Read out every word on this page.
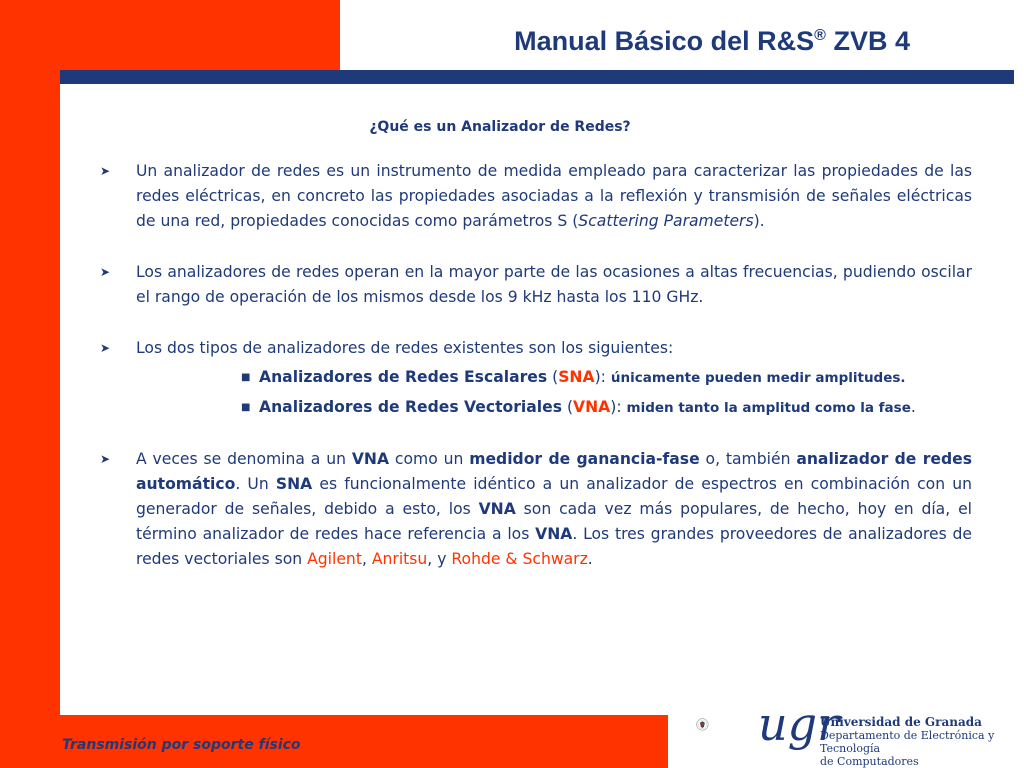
Manual Básico del R&S® ZVB 4
¿Qué es un Analizador de Redes?
➤ Un analizador de redes es un instrumento de medida empleado para caracterizar las propiedades de las redes eléctricas, en concreto las propiedades asociadas a la reflexión y transmisión de señales eléctricas de una red, propiedades conocidas como parámetros S (Scattering Parameters).
➤ Los analizadores de redes operan en la mayor parte de las ocasiones a altas frecuencias, pudiendo oscilar el rango de operación de los mismos desde los 9 kHz hasta los 110 GHz.
➤ Los dos tipos de analizadores de redes existentes son los siguientes:
■ Analizadores de Redes Escalares (SNA): únicamente pueden medir amplitudes.
■ Analizadores de Redes Vectoriales (VNA): miden tanto la amplitud como la fase.
➤ A veces se denomina a un VNA como un medidor de ganancia-fase o, también analizador de redes automático. Un SNA es funcionalmente idéntico a un analizador de espectros en combinación con un generador de señales, debido a esto, los VNA son cada vez más populares, de hecho, hoy en día, el término analizador de redes hace referencia a los VNA. Los tres grandes proveedores de analizadores de redes vectoriales son Agilent, Anritsu, y Rohde & Schwarz.
Transmisión por soporte físico	ugr
Universidad de Granada
Departamento de Electrónica y Tecnología
de Computadores
